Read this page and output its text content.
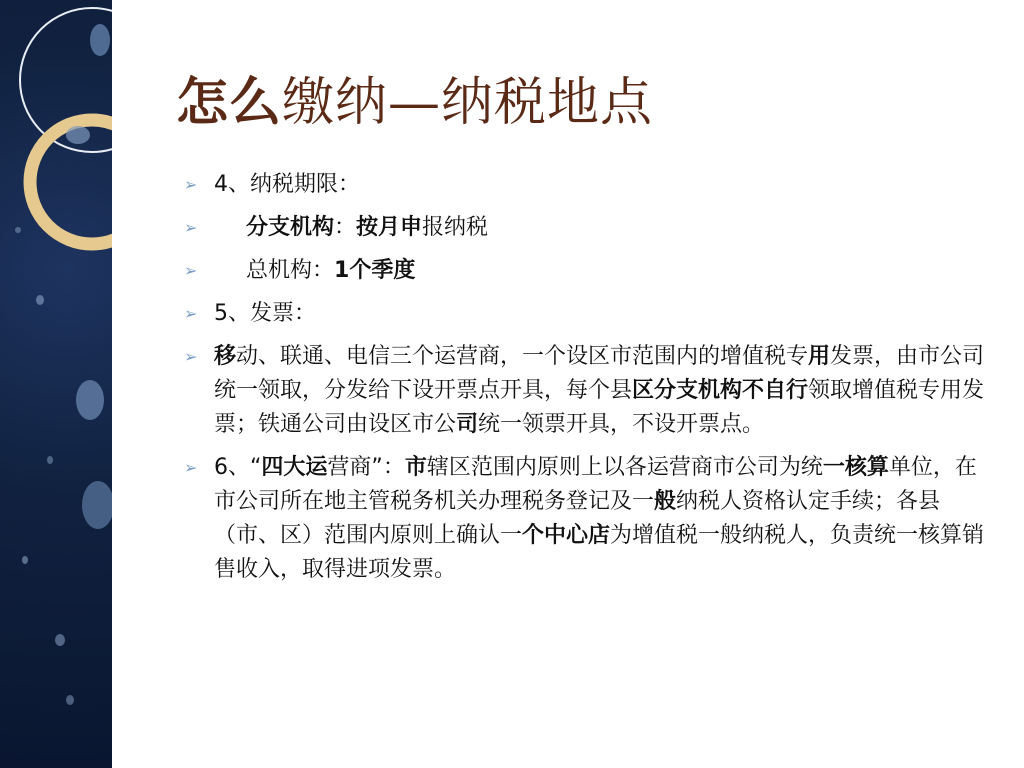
怎么缴纳—纳税地点
➢ 4、纳税期限：
➢ 分支机构：按月申报纳税
➢ 总机构：1个季度
➢ 5、发票：
➢ 移动、联通、电信三个运营商，一个设区市范围内的增值税专用发票，由市公司统一领取，分发给下设开票点开具，每个县区分支机构不自行领取增值税专用发票；铁通公司由设区市公司统一领票开具，不设开票点。
➢ 6、“四大运营商”：市辖区范围内原则上以各运营商市公司为统一核算单位，在市公司所在地主管税务机关办理税务登记及一般纳税人资格认定手续；各县（市、区）范围内原则上确认一个中心店为增值税一般纳税人，负责统一核算销售收入，取得进项发票。
